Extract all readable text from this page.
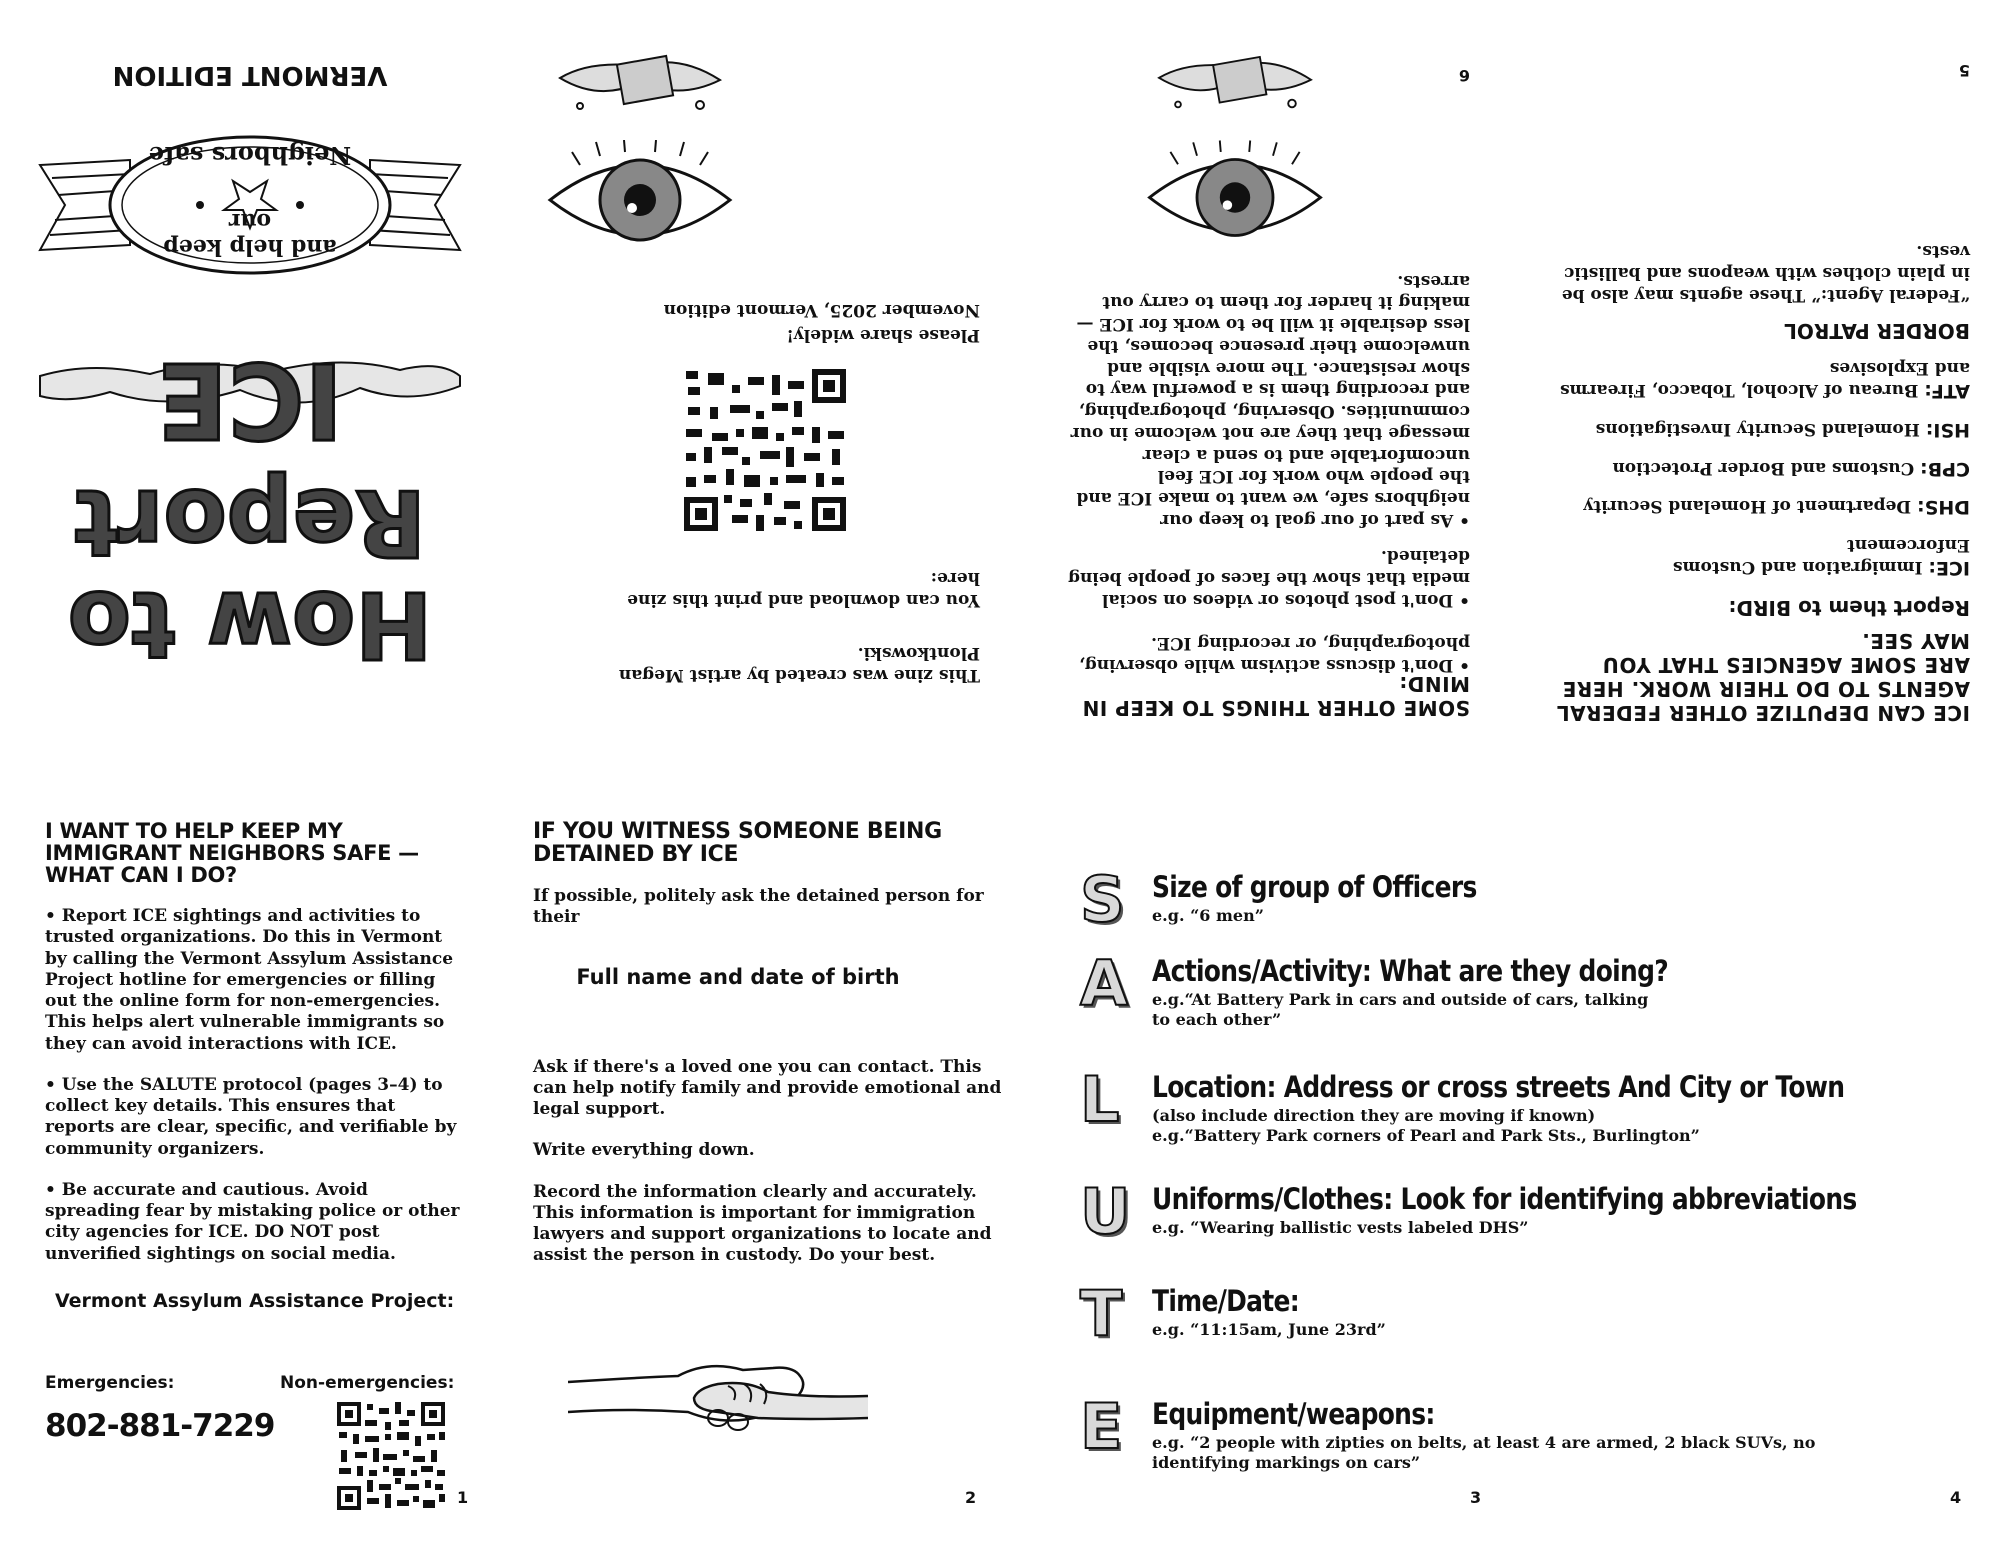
How to
Report
ICE
and help keep our
Neighbors safe
VERMONT EDITION
This zine was created by artist Megan Plontkowski.
You can download and print this zine here:
Please share widely!
November 2025, Vermont edition
SOME OTHER THINGS TO KEEP IN MIND:
• Don't discuss activism while observing, photographing, or recording ICE.
• Don't post photos or videos on social media that show the faces of people being detained.
• As part of our goal to keep our neighbors safe, we want to make ICE and the people who work for ICE feel uncomfortable and to send a clear message that they are not welcome in our communities. Observing, photographing, and recording them is a powerful way to show resistance. The more visible and unwelcome their presence becomes, the less desirable it will be to work for ICE — making it harder for them to carry out arrests.
6
ICE CAN DEPUTIZE OTHER FEDERAL AGENTS TO DO THEIR WORK. HERE ARE SOME AGENCIES THAT YOU MAY SEE.
Report them to BIRD:
ICE: Immigration and Customs Enforcement
DHS: Department of Homeland Security
CPB: Customs and Border Protection
HSI: Homeland Security Investigations
ATF: Bureau of Alcohol, Tobacco, Firearms and Explosives
BORDER PATROL
“Federal Agent:” These agents may also be in plain clothes with weapons and ballistic vests.
5
I WANT TO HELP KEEP MY IMMIGRANT NEIGHBORS SAFE — WHAT CAN I DO?

• Report ICE sightings and activities to trusted organizations. Do this in Vermont by calling the Vermont Assylum Assistance Project hotline for emergencies or filling out the online form for non-emergencies. This helps alert vulnerable immigrants so they can avoid interactions with ICE.

• Use the SALUTE protocol (pages 3–4) to collect key details. This ensures that reports are clear, specific, and verifiable by community organizers.

• Be accurate and cautious. Avoid spreading fear by mistaking police or other city agencies for ICE. DO NOT post unverified sightings on social media.

Vermont Assylum Assistance Project:
Emergencies:	Non-emergencies:
802-881-7229
1
IF YOU WITNESS SOMEONE BEING
DETAINED BY ICE

If possible, politely ask the detained person for their

Full name and date of birth

Ask if there's a loved one you can contact. This can help notify family and provide emotional and legal support.

Write everything down.

Record the information clearly and accurately. This information is important for immigration lawyers and support organizations to locate and assist the person in custody. Do your best.

2
S Size of group of Officers
e.g. “6 men”
A Actions/Activity: What are they doing?
e.g.“At Battery Park in cars and outside of cars, talking to each other”
L	Location: Address or cross streets And City or Town
(also include direction they are moving if known)
e.g.“Battery Park corners of Pearl and Park Sts., Burlington”
U Uniforms/Clothes: Look for identifying abbreviations
e.g. “Wearing ballistic vests labeled DHS”
T Time/Date:
e.g. “11:15am, June 23rd”
E Equipment/weapons:
e.g. “2 people with zipties on belts, at least 4 are armed, 2 black SUVs, no identifying markings on cars”
3	4
